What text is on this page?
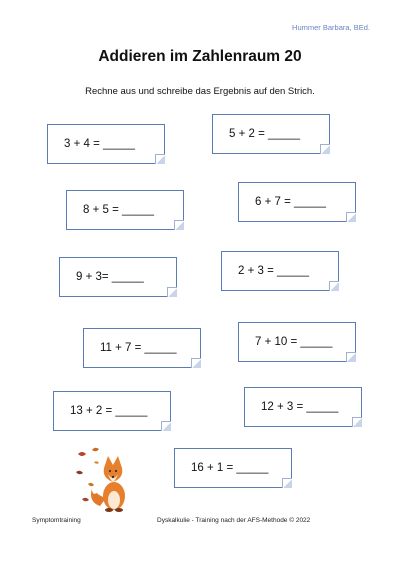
Hummer Barbara, BEd.
Addieren im Zahlenraum 20
Rechne aus und schreibe das Ergebnis auf den Strich.
3 + 4 = _____
5 + 2 = _____
8 + 5 = _____
6 + 7 = _____
9 + 3= _____	2 + 3 = _____
11 + 7 = _____	7 + 10 = _____
13 + 2 = _____	12 + 3 = _____
16 + 1 = _____
Symptomtraining	Dyskalkulie - Training nach der AFS-Methode © 2022
